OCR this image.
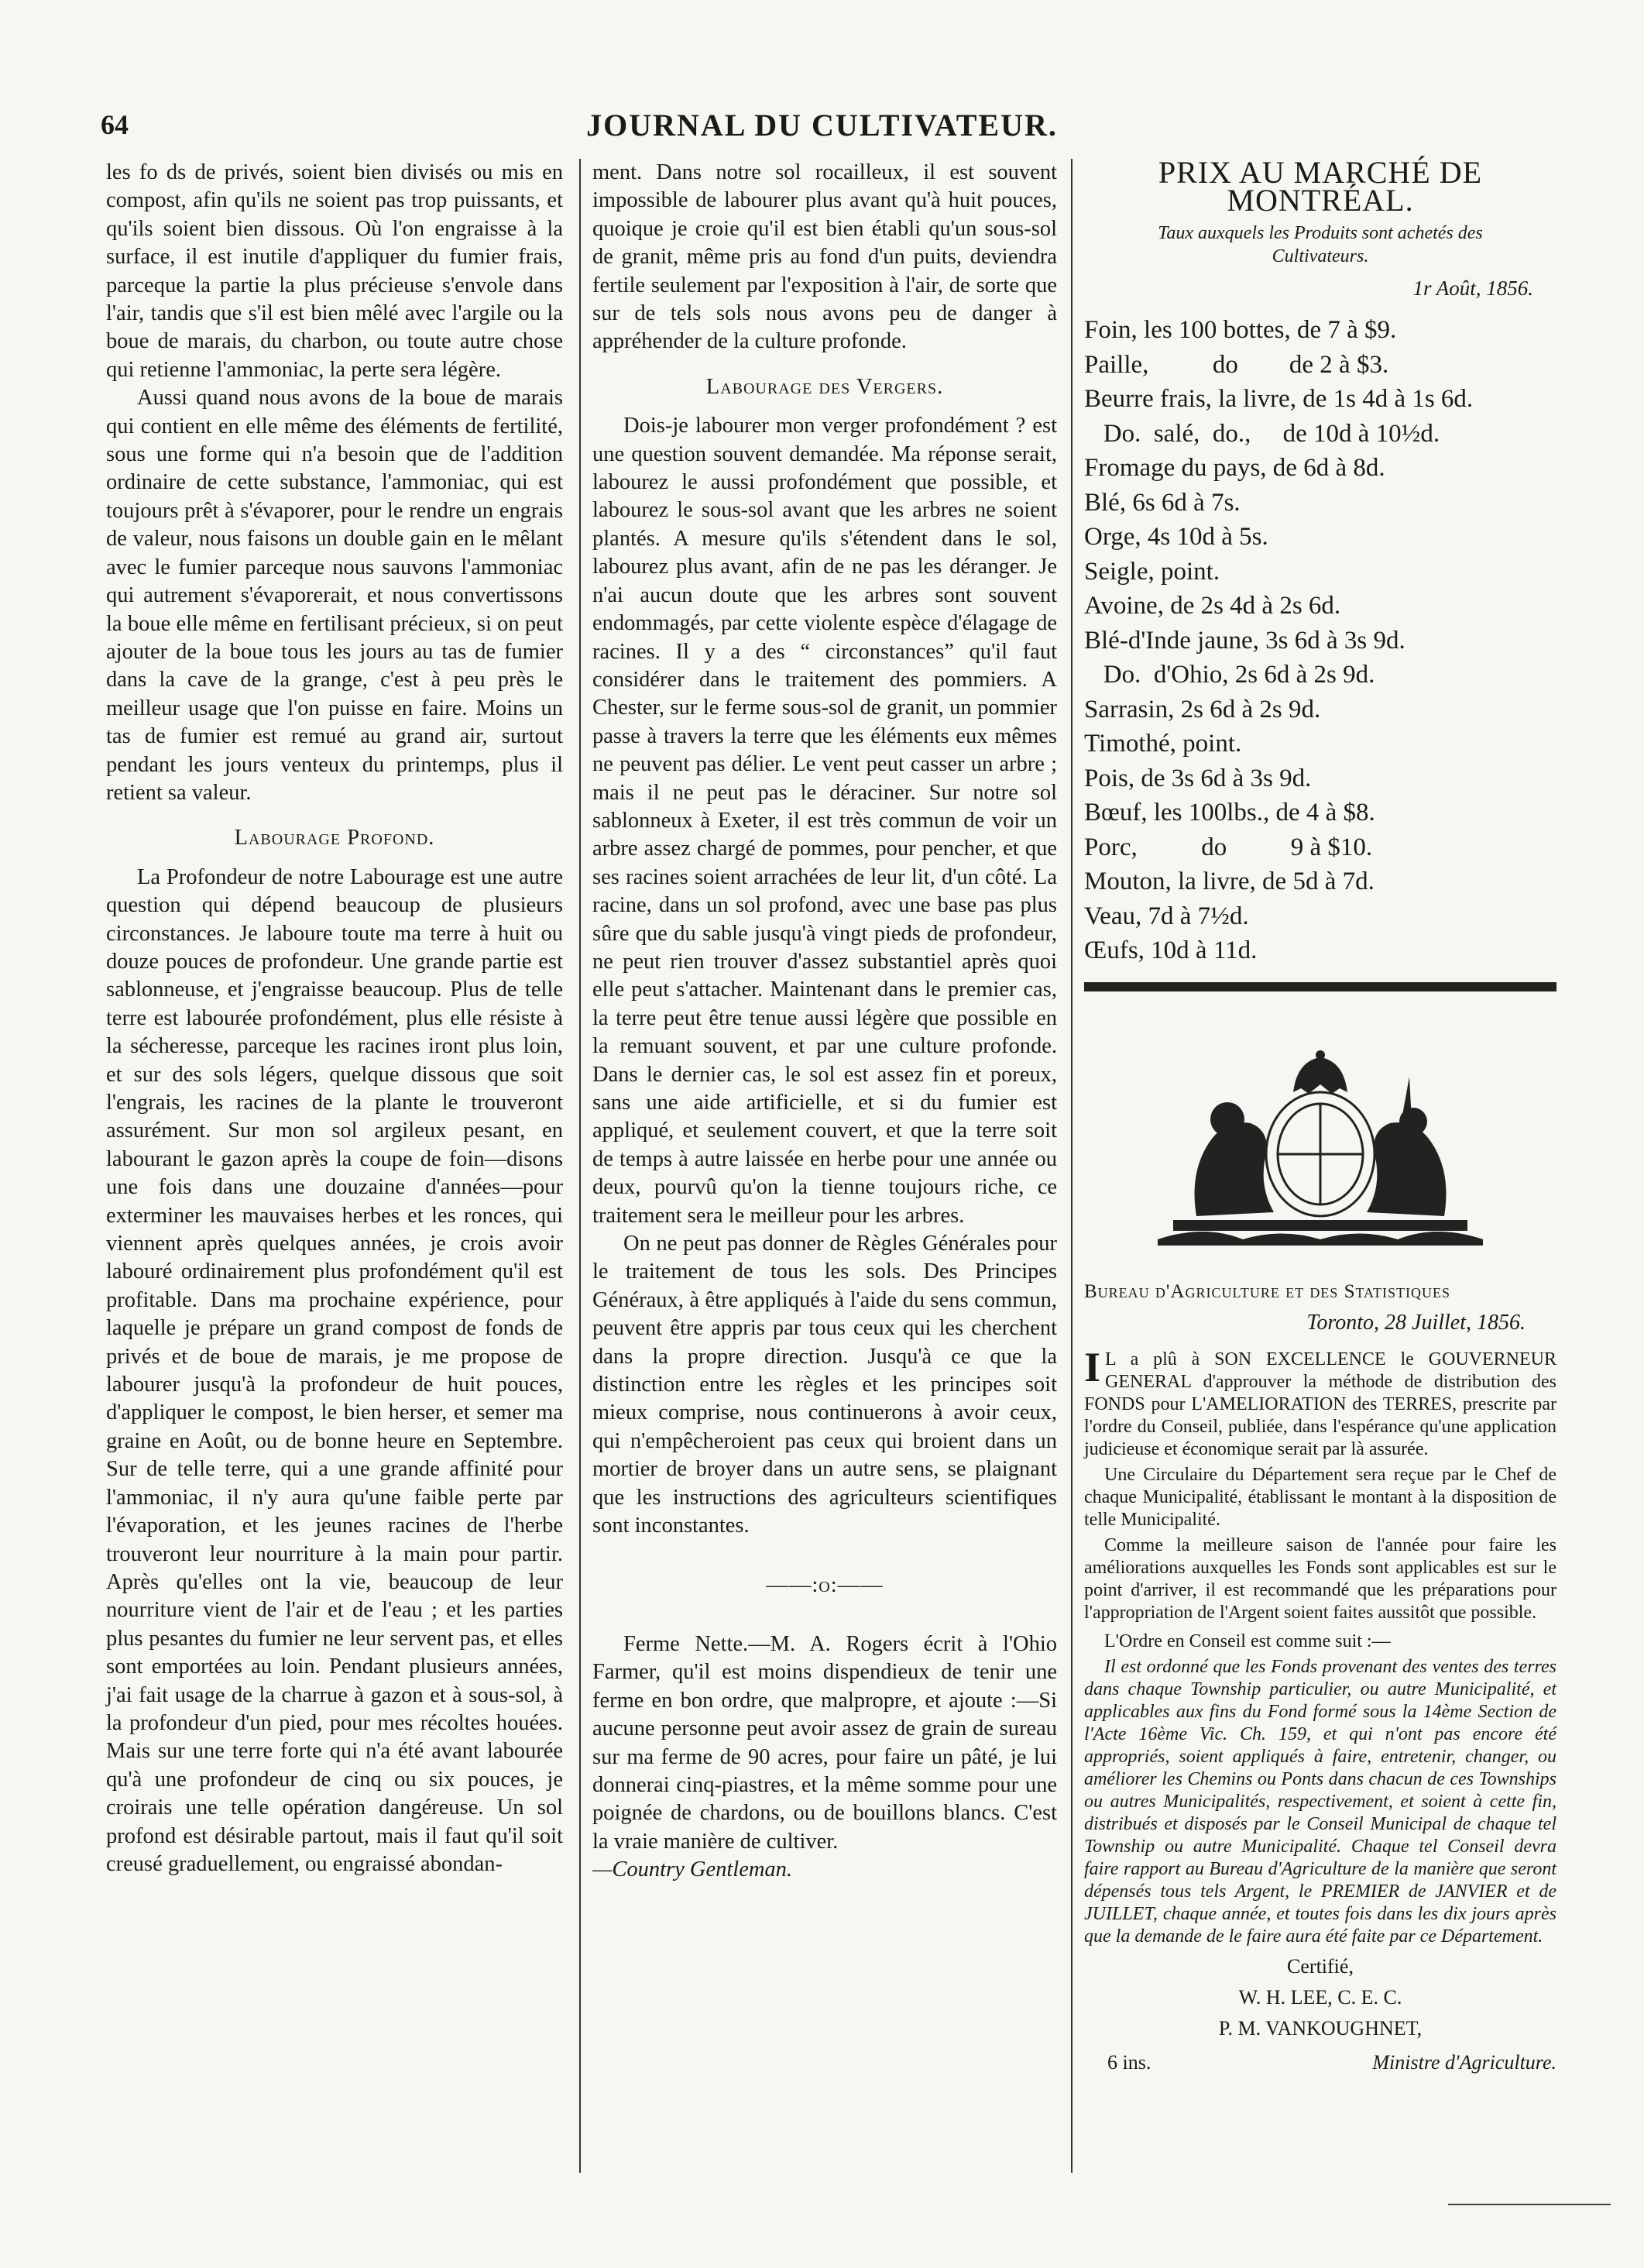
64	JOURNAL DU CULTIVATEUR.

les fo ds de privés, soient bien divisés ou mis en compost, afin qu'ils ne soient pas trop puissants, et qu'ils soient bien dissous. Où l'on engraisse à la surface, il est inutile d'appliquer du fumier frais, parceque la partie la plus précieuse s'envole dans l'air, tandis que s'il est bien mêlé avec l'argile ou la boue de marais, du charbon, ou toute autre chose qui retienne l'ammoniac, la perte sera légère.

Aussi quand nous avons de la boue de marais qui contient en elle même des éléments de fertilité, sous une forme qui n'a besoin que de l'addition ordinaire de cette substance, l'ammoniac, qui est toujours prêt à s'évaporer, pour le rendre un engrais de valeur, nous faisons un double gain en le mêlant avec le fumier parceque nous sauvons l'ammoniac qui autrement s'évaporerait, et nous convertissons la boue elle même en fertilisant précieux, si on peut ajouter de la boue tous les jours au tas de fumier dans la cave de la grange, c'est à peu près le meilleur usage que l'on puisse en faire. Moins un tas de fumier est remué au grand air, surtout pendant les jours venteux du printemps, plus il retient sa valeur.

Labourage Profond.

La Profondeur de notre Labourage est une autre question qui dépend beaucoup de plusieurs circonstances. Je laboure toute ma terre à huit ou douze pouces de profondeur. Une grande partie est sablonneuse, et j'engraisse beaucoup. Plus de telle terre est labourée profondément, plus elle résiste à la sécheresse, parceque les racines iront plus loin, et sur des sols légers, quelque dissous que soit l'engrais, les racines de la plante le trouveront assurément. Sur mon sol argileux pesant, en labourant le gazon après la coupe de foin—disons une fois dans une douzaine d'années—pour exterminer les mauvaises herbes et les ronces, qui viennent après quelques années, je crois avoir labouré ordinairement plus profondément qu'il est profitable. Dans ma prochaine expérience, pour laquelle je prépare un grand compost de fonds de privés et de boue de marais, je me propose de labourer jusqu'à la profondeur de huit pouces, d'appliquer le compost, le bien herser, et semer ma graine en Août, ou de bonne heure en Septembre. Sur de telle terre, qui a une grande affinité pour l'ammoniac, il n'y aura qu'une faible perte par l'évaporation, et les jeunes racines de l'herbe trouveront leur nourriture à la main pour partir. Après qu'elles ont la vie, beaucoup de leur nourriture vient de l'air et de l'eau ; et les parties plus pesantes du fumier ne leur servent pas, et elles sont emportées au loin. Pendant plusieurs années, j'ai fait usage de la charrue à gazon et à sous-sol, à la profondeur d'un pied, pour mes récoltes houées. Mais sur une terre forte qui n'a été avant labourée qu'à une profondeur de cinq ou six pouces, je croirais une telle opération dangéreuse. Un sol profond est désirable partout, mais il faut qu'il soit creusé graduellement, ou engraissé abondan-

ment. Dans notre sol rocailleux, il est souvent impossible de labourer plus avant qu'à huit pouces, quoique je croie qu'il est bien établi qu'un sous-sol de granit, même pris au fond d'un puits, deviendra fertile seulement par l'exposition à l'air, de sorte que sur de tels sols nous avons peu de danger à appréhender de la culture profonde.

Labourage des Vergers.

Dois-je labourer mon verger profondément ? est une question souvent demandée. Ma réponse serait, labourez le aussi profondément que possible, et labourez le sous-sol avant que les arbres ne soient plantés. A mesure qu'ils s'étendent dans le sol, labourez plus avant, afin de ne pas les déranger. Je n'ai aucun doute que les arbres sont souvent endommagés, par cette violente espèce d'élagage de racines. Il y a des “ circonstances” qu'il faut considérer dans le traitement des pommiers. A Chester, sur le ferme sous-sol de granit, un pommier passe à travers la terre que les éléments eux mêmes ne peuvent pas délier. Le vent peut casser un arbre ; mais il ne peut pas le déraciner. Sur notre sol sablonneux à Exeter, il est très commun de voir un arbre assez chargé de pommes, pour pencher, et que ses racines soient arrachées de leur lit, d'un côté. La racine, dans un sol profond, avec une base pas plus sûre que du sable jusqu'à vingt pieds de profondeur, ne peut rien trouver d'assez substantiel après quoi elle peut s'attacher. Maintenant dans le premier cas, la terre peut être tenue aussi légère que possible en la remuant souvent, et par une culture profonde. Dans le dernier cas, le sol est assez fin et poreux, sans une aide artificielle, et si du fumier est appliqué, et seulement couvert, et que la terre soit de temps à autre laissée en herbe pour une année ou deux, pourvû qu'on la tienne toujours riche, ce traitement sera le meilleur pour les arbres.

On ne peut pas donner de Règles Générales pour le traitement de tous les sols. Des Principes Généraux, à être appliqués à l'aide du sens commun, peuvent être appris par tous ceux qui les cherchent dans la propre direction. Jusqu'à ce que la distinction entre les règles et les principes soit mieux comprise, nous continuerons à avoir ceux, qui n'empêcheroient pas ceux qui broient dans un mortier de broyer dans un autre sens, se plaignant que les instructions des agriculteurs scientifiques sont inconstantes.

——:o:——

Ferme Nette.—M. A. Rogers écrit à l'Ohio Farmer, qu'il est moins dispendieux de tenir une ferme en bon ordre, que malpropre, et ajoute :—Si aucune personne peut avoir assez de grain de sureau sur ma ferme de 90 acres, pour faire un pâté, je lui donnerai cinq-piastres, et la même somme pour une poignée de chardons, ou de bouillons blancs. C'est la vraie manière de cultiver.

—Country Gentleman.

PRIX AU MARCHÉ DE MONTRÉAL.
Taux auxquels les Produits sont achetés des Cultivateurs.
1r Août, 1856.
Foin, les 100 bottes, de 7 à $9.
Paille,          do        de 2 à $3.
Beurre frais, la livre, de 1s 4d à 1s 6d.
Do.  salé,  do.,     de 10d à 10½d.
Fromage du pays, de 6d à 8d.
Blé, 6s 6d à 7s.
Orge, 4s 10d à 5s.
Seigle, point.
Avoine, de 2s 4d à 2s 6d.
Blé-d'Inde jaune, 3s 6d à 3s 9d.
Do.  d'Ohio, 2s 6d à 2s 9d.
Sarrasin, 2s 6d à 2s 9d.
Timothé, point.
Pois, de 3s 6d à 3s 9d.
Bœuf, les 100lbs., de 4 à $8.
Porc,          do          9 à $10.
Mouton, la livre, de 5d à 7d.
Veau, 7d à 7½d.
Œufs, 10d à 11d.
Bureau d'Agriculture et des Statistiques
Toronto, 28 Juillet, 1856.

I L a plû à SON EXCELLENCE le GOUVERNEUR GENERAL d'approuver la méthode de distribution des FONDS pour L'AMELIORATION des TERRES, prescrite par l'ordre du Conseil, publiée, dans l'espérance qu'une application judicieuse et économique serait par là assurée.

Une Circulaire du Département sera reçue par le Chef de chaque Municipalité, établissant le montant à la disposition de telle Municipalité.

Comme la meilleure saison de l'année pour faire les améliorations auxquelles les Fonds sont applicables est sur le point d'arriver, il est recommandé que les préparations pour l'appropriation de l'Argent soient faites aussitôt que possible.

L'Ordre en Conseil est comme suit :—

Il est ordonné que les Fonds provenant des ventes des terres dans chaque Township particulier, ou autre Municipalité, et applicables aux fins du Fond formé sous la 14ème Section de l'Acte 16ème Vic. Ch. 159, et qui n'ont pas encore été appropriés, soient appliqués à faire, entretenir, changer, ou améliorer les Chemins ou Ponts dans chacun de ces Townships ou autres Municipalités, respectivement, et soient à cette fin, distribués et disposés par le Conseil Municipal de chaque tel Township ou autre Municipalité. Chaque tel Conseil devra faire rapport au Bureau d'Agriculture de la manière que seront dépensés tous tels Argent, le PREMIER de JANVIER et de JUILLET, chaque année, et toutes fois dans les dix jours après que la demande de le faire aura été faite par ce Département.

Certifié,
W. H. LEE, C. E. C.
P. M. VANKOUGHNET,
6 ins.	Ministre d'Agriculture.
